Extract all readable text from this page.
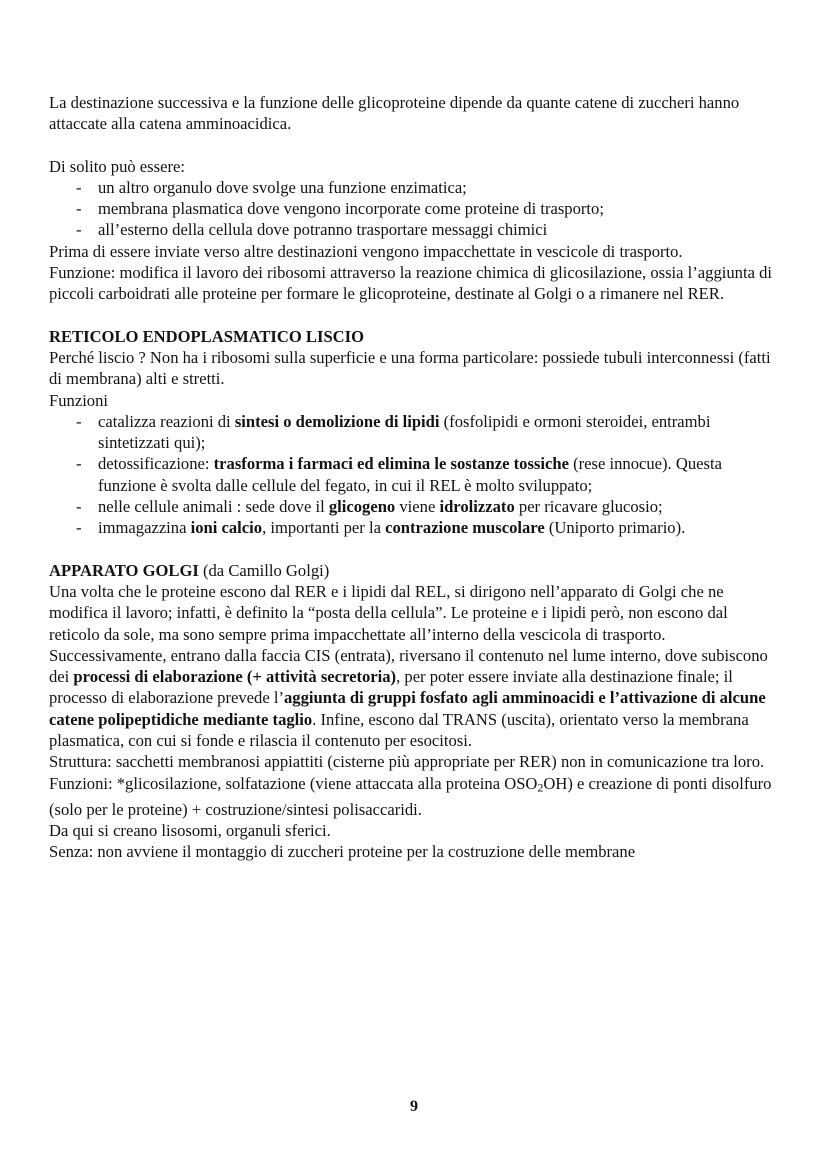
La destinazione successiva e la funzione delle glicoproteine dipende da quante catene di zuccheri hanno attaccate alla catena amminoacidica.

Di solito può essere:

- un altro organulo dove svolge una funzione enzimatica;
- membrana plasmatica dove vengono incorporate come proteine di trasporto;
- all’esterno della cellula dove potranno trasportare messaggi chimici

Prima di essere inviate verso altre destinazioni vengono impacchettate in vescicole di trasporto.

Funzione: modifica il lavoro dei ribosomi attraverso la reazione chimica di glicosilazione, ossia l’aggiunta di piccoli carboidrati alle proteine per formare le glicoproteine, destinate al Golgi o a rimanere nel RER.

RETICOLO ENDOPLASMATICO LISCIO

Perché liscio ? Non ha i ribosomi sulla superficie e una forma particolare: possiede tubuli interconnessi (fatti di membrana) alti e stretti.

Funzioni

- catalizza reazioni di sintesi o demolizione di lipidi (fosfolipidi e ormoni steroidei, entrambi sintetizzati qui);
- detossificazione: trasforma i farmaci ed elimina le sostanze tossiche (rese innocue). Questa funzione è svolta dalle cellule del fegato, in cui il REL è molto sviluppato;
- nelle cellule animali : sede dove il glicogeno viene idrolizzato per ricavare glucosio;
- immagazzina ioni calcio, importanti per la contrazione muscolare (Uniporto primario).

APPARATO GOLGI (da Camillo Golgi)

Una volta che le proteine escono dal RER e i lipidi dal REL, si dirigono nell’apparato di Golgi che ne modifica il lavoro; infatti, è definito la “posta della cellula”. Le proteine e i lipidi però, non escono dal reticolo da sole, ma sono sempre prima impacchettate all’interno della vescicola di trasporto.

Successivamente, entrano dalla faccia CIS (entrata), riversano il contenuto nel lume interno, dove subiscono dei processi di elaborazione (+ attività secretoria), per poter essere inviate alla destinazione finale; il processo di elaborazione prevede l’aggiunta di gruppi fosfato agli amminoacidi e l’attivazione di alcune catene polipeptidiche mediante taglio. Infine, escono dal TRANS (uscita), orientato verso la membrana plasmatica, con cui si fonde e rilascia il contenuto per esocitosi.

Struttura: sacchetti membranosi appiattiti (cisterne più appropriate per RER) non in comunicazione tra loro.

Funzioni: *glicosilazione, solfatazione (viene attaccata alla proteina $OSO_2OH$) e creazione di ponti disolfuro (solo per le proteine) + costruzione/sintesi polisaccaridi.

Da qui si creano lisosomi, organuli sferici.

Senza: non avviene il montaggio di zuccheri proteine per la costruzione delle membrane

9
